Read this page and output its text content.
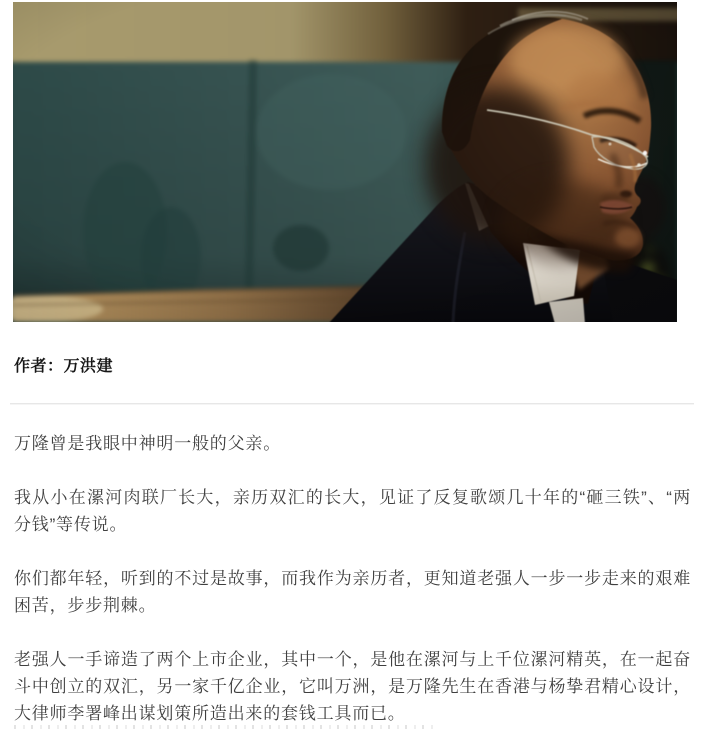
作者：万洪建

万隆曾是我眼中神明一般的父亲。

我从小在漯河肉联厂长大，亲历双汇的长大，见证了反复歌颂几十年的“砸三铁”、“两分钱”等传说。

你们都年轻，听到的不过是故事，而我作为亲历者，更知道老强人一步一步走来的艰难困苦，步步荆棘。

老强人一手谛造了两个上市企业，其中一个，是他在漯河与上千位漯河精英，在一起奋斗中创立的双汇，另一家千亿企业，它叫万洲，是万隆先生在香港与杨挚君精心设计，大律师李署峰出谋划策所造出来的套钱工具而已。
